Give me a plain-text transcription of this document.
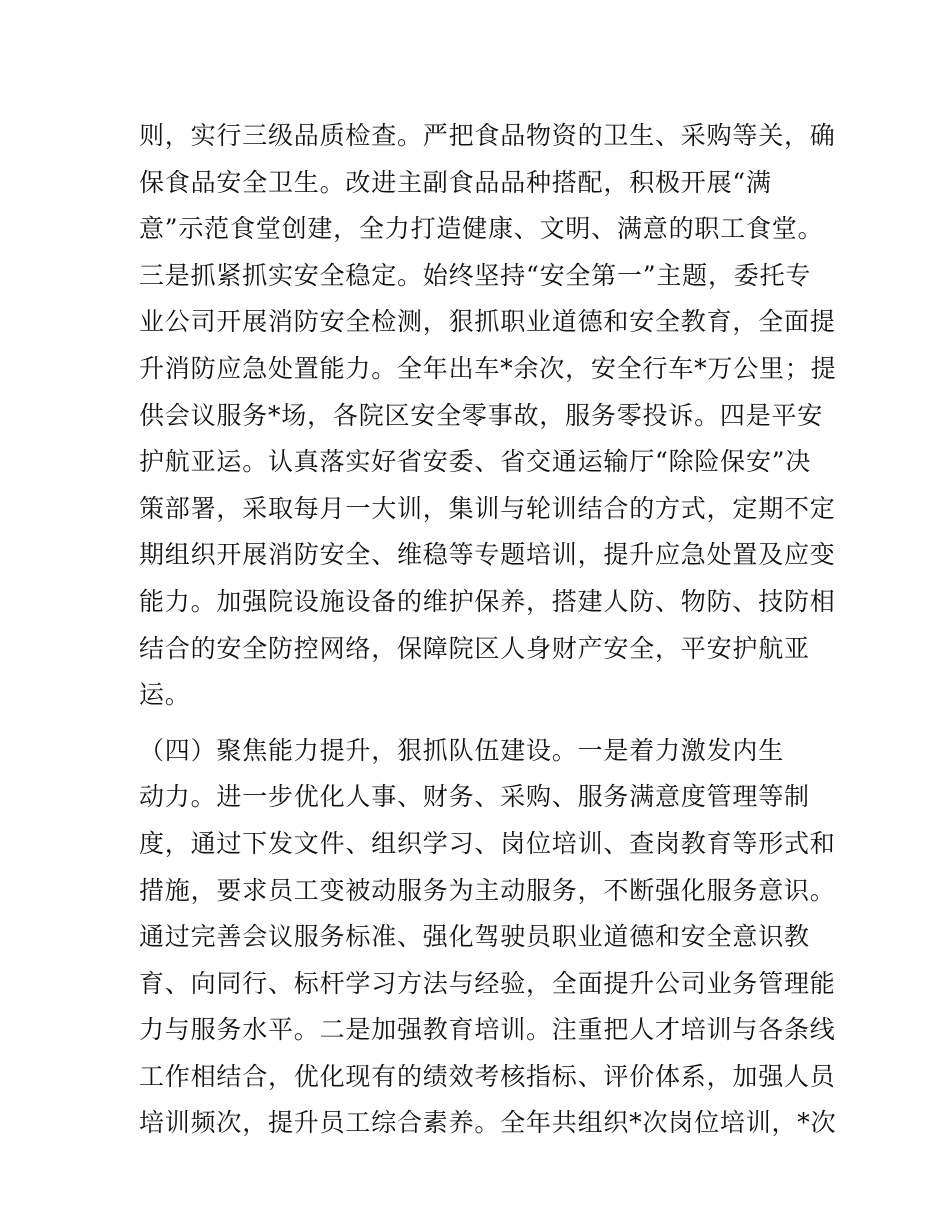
则，实行三级品质检查。严把食品物资的卫生、采购等关，确
保食品安全卫生。改进主副食品品种搭配，积极开展“满
意”示范食堂创建，全力打造健康、文明、满意的职工食堂。
三是抓紧抓实安全稳定。始终坚持“安全第一”主题，委托专
业公司开展消防安全检测，狠抓职业道德和安全教育，全面提
升消防应急处置能力。全年出车*余次，安全行车*万公里；提
供会议服务*场，各院区安全零事故，服务零投诉。四是平安
护航亚运。认真落实好省安委、省交通运输厅“除险保安”决
策部署，采取每月一大训，集训与轮训结合的方式，定期不定
期组织开展消防安全、维稳等专题培训，提升应急处置及应变
能力。加强院设施设备的维护保养，搭建人防、物防、技防相
结合的安全防控网络，保障院区人身财产安全，平安护航亚
运。
（四）聚焦能力提升，狠抓队伍建设。一是着力激发内生
动力。进一步优化人事、财务、采购、服务满意度管理等制
度，通过下发文件、组织学习、岗位培训、查岗教育等形式和
措施，要求员工变被动服务为主动服务，不断强化服务意识。
通过完善会议服务标准、强化驾驶员职业道德和安全意识教
育、向同行、标杆学习方法与经验，全面提升公司业务管理能
力与服务水平。二是加强教育培训。注重把人才培训与各条线
工作相结合，优化现有的绩效考核指标、评价体系，加强人员
培训频次，提升员工综合素养。全年共组织*次岗位培训，*次
